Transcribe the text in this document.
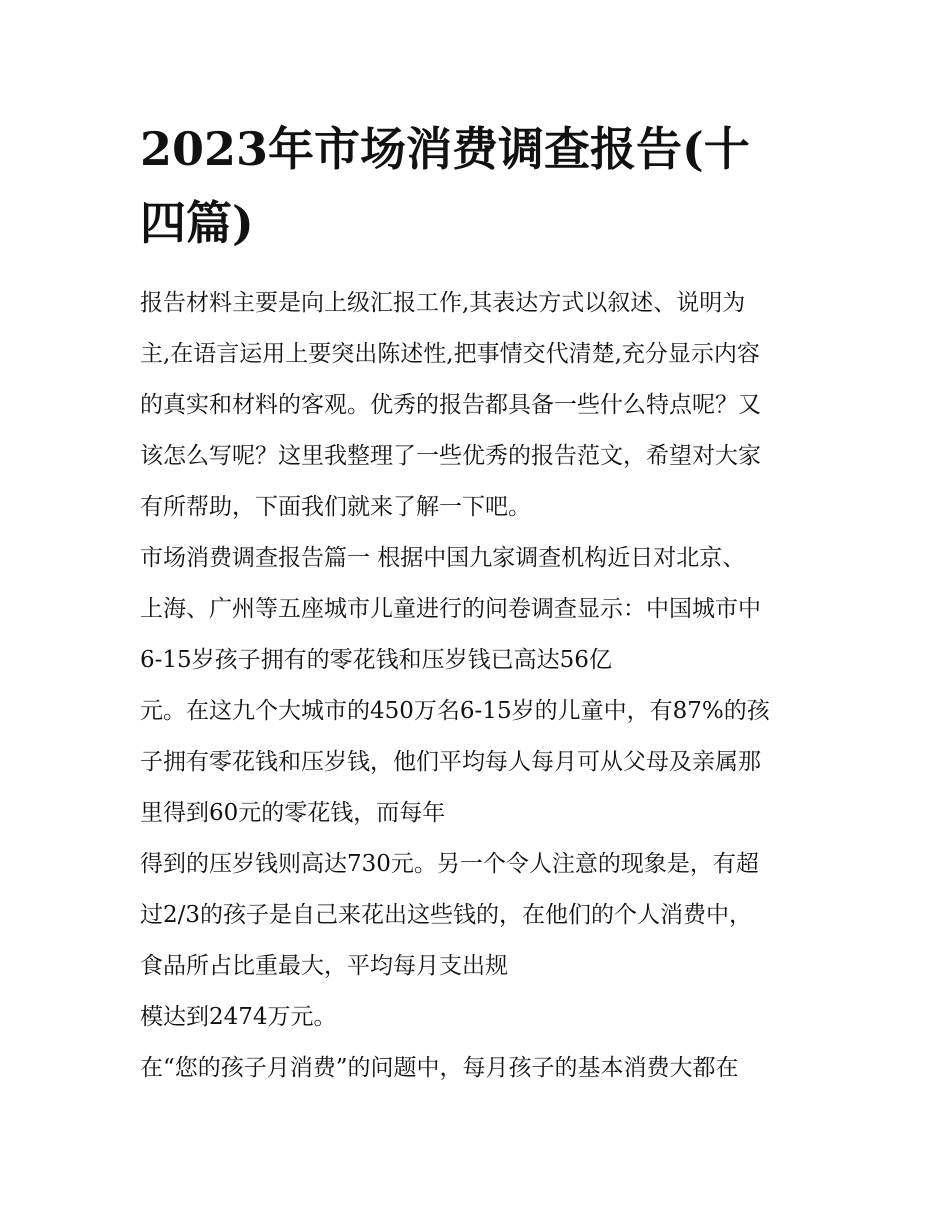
2023年市场消费调查报告(十
四篇)
报告材料主要是向上级汇报工作,其表达方式以叙述、说明为
主,在语言运用上要突出陈述性,把事情交代清楚,充分显示内容
的真实和材料的客观。优秀的报告都具备一些什么特点呢？又
该怎么写呢？这里我整理了一些优秀的报告范文，希望对大家
有所帮助，下面我们就来了解一下吧。
市场消费调查报告篇一 根据中国九家调查机构近日对北京、
上海、广州等五座城市儿童进行的问卷调查显示：中国城市中
6-15岁孩子拥有的零花钱和压岁钱已高达56亿
元。在这九个大城市的450万名6-15岁的儿童中，有87%的孩
子拥有零花钱和压岁钱，他们平均每人每月可从父母及亲属那
里得到60元的零花钱，而每年
得到的压岁钱则高达730元。另一个令人注意的现象是，有超
过2/3的孩子是自己来花出这些钱的，在他们的个人消费中，
食品所占比重最大，平均每月支出规
模达到2474万元。
在“您的孩子月消费”的问题中，每月孩子的基本消费大都在
